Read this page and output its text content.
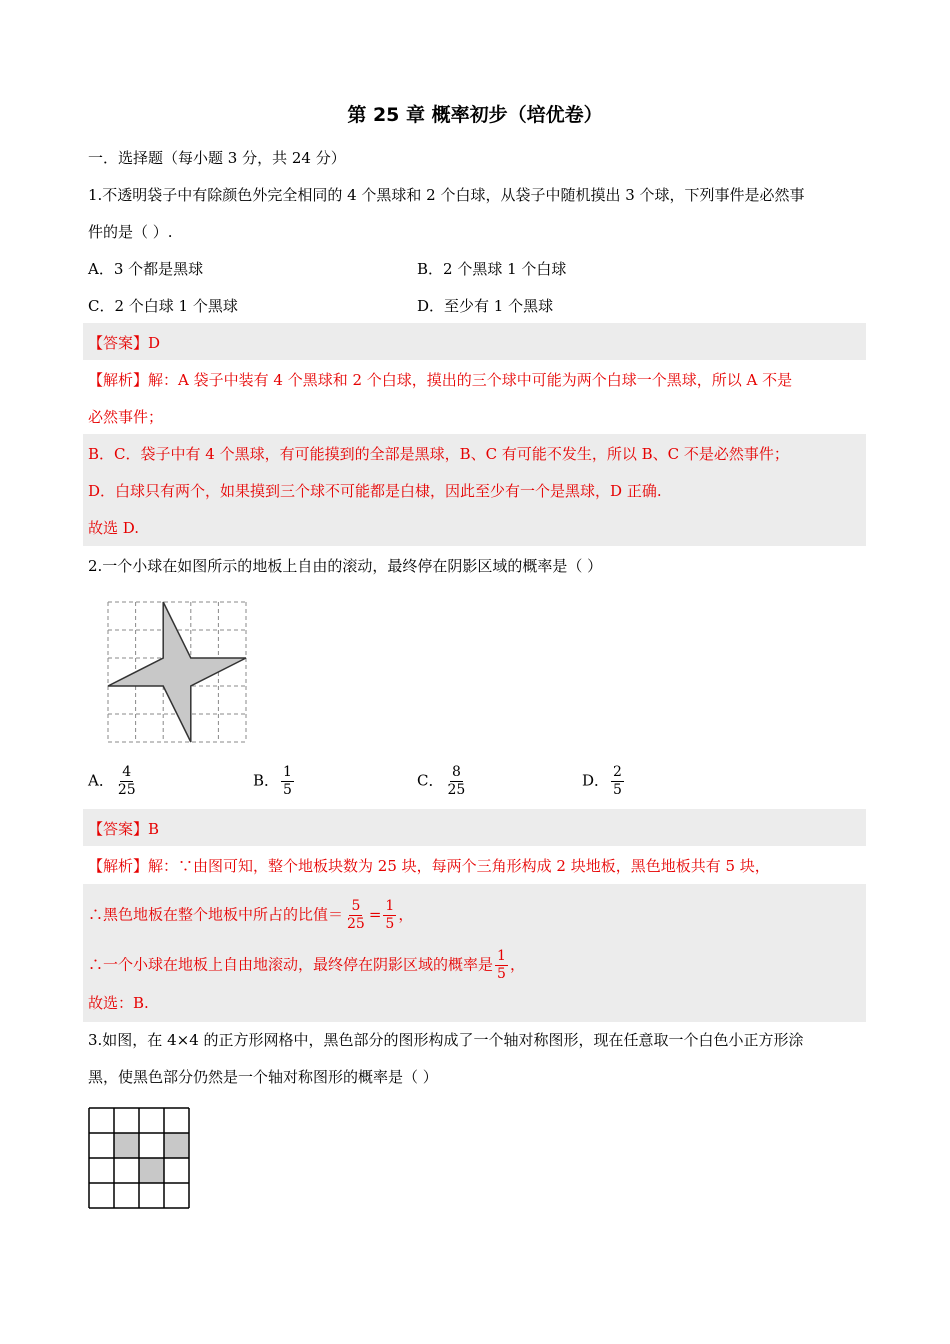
第 25 章 概率初步（培优卷）
一．选择题（每小题 3 分，共 24 分）
1.不透明袋子中有除颜色外完全相同的 4 个黑球和 2 个白球，从袋子中随机摸出 3 个球，下列事件是必然事
件的是（ ）.
A．3 个都是黑球	B．2 个黑球 1 个白球
C．2 个白球 1 个黑球	D．至少有 1 个黑球
【答案】D
【解析】解：A 袋子中装有 4 个黑球和 2 个白球，摸出的三个球中可能为两个白球一个黑球，所以 A 不是
必然事件；
B．C．袋子中有 4 个黑球，有可能摸到的全部是黑球，B、C 有可能不发生，所以 B、C 不是必然事件；
D．白球只有两个，如果摸到三个球不可能都是白棣，因此至少有一个是黑球，D 正确.
故选 D.
2.一个小球在如图所示的地板上自由的滚动，最终停在阴影区域的概率是（ ）
A． $\frac{4}{25}$	B． $\frac{1}{5}$	C． $\frac{8}{25}$	D． $\frac{2}{5}$
【答案】B
【解析】解：∵由图可知，整个地板块数为 25 块，每两个三角形构成 2 块地板，黑色地板共有 5 块，
∴黑色地板在整个地板中所占的比值＝ $\frac{5}{25} = \frac{1}{5}$ ，
∴一个小球在地板上自由地滚动，最终停在阴影区域的概率是 $\frac{1}{5}$ ，
故选：B.
3.如图，在 4×4 的正方形网格中，黑色部分的图形构成了一个轴对称图形，现在任意取一个白色小正方形涂
黑，使黑色部分仍然是一个轴对称图形的概率是（ ）
